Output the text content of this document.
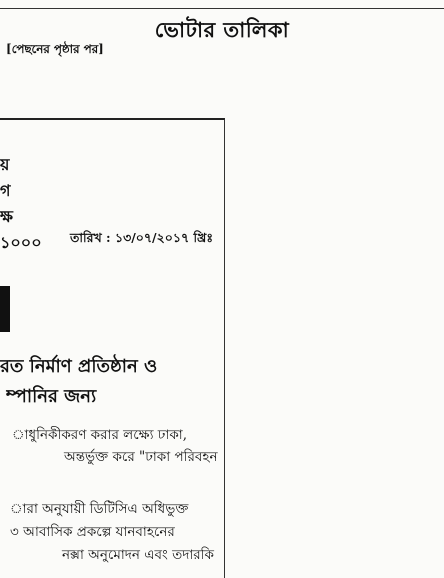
ভোটার তালিকা
[পেছনের পৃষ্ঠার পর]
য়
গ
ক্ষ
১০০০ তারিখ : ১৩/০৭/২০১৭ খ্রিঃ
রত নির্মাণ প্রতিষ্ঠান ও
ম্পানির জন্য
াধুনিকীকরণ করার লক্ষ্যে ঢাকা,
অন্তর্ভুক্ত করে "ঢাকা পরিবহন
ারা অনুযায়ী ডিটিসিএ অধিভুক্ত
৩ আবাসিক প্রকল্পে যানবাহনের
নক্সা অনুমোদন এবং তদারকি
